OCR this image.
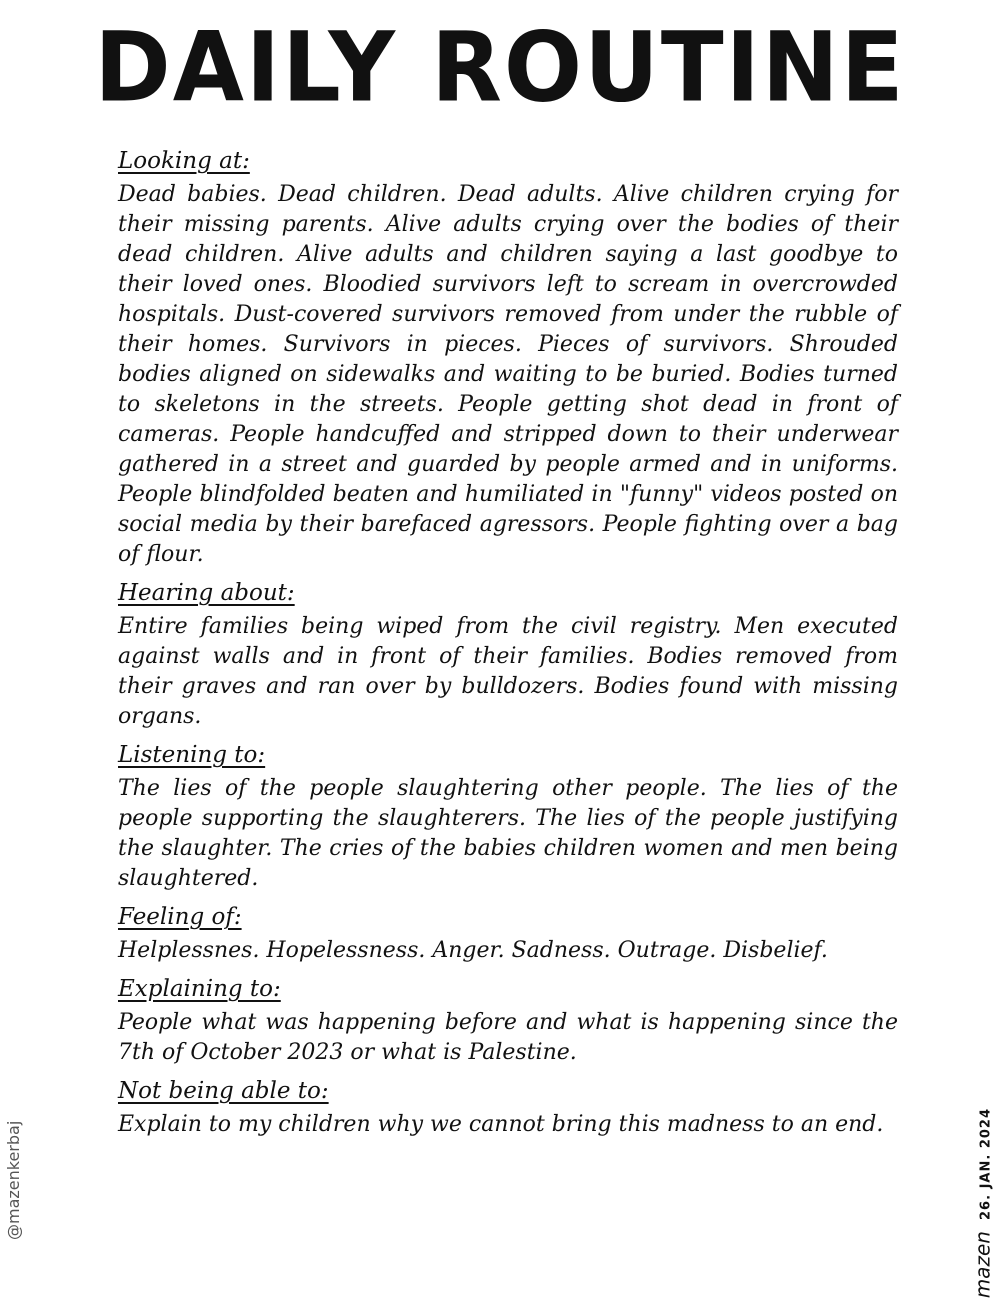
DAILY ROUTINE
Looking at:

Dead babies. Dead children. Dead adults. Alive children crying for their missing parents. Alive adults crying over the bodies of their dead children. Alive adults and children saying a last goodbye to their loved ones. Bloodied survivors left to scream in overcrowded hospitals. Dust-covered survivors removed from under the rubble of their homes. Survivors in pieces. Pieces of survivors. Shrouded bodies aligned on sidewalks and waiting to be buried. Bodies turned to skeletons in the streets. People getting shot dead in front of cameras. People handcuffed and stripped down to their underwear gathered in a street and guarded by people armed and in uniforms. People blindfolded beaten and humiliated in "funny" videos posted on social media by their barefaced agressors. People fighting over a bag of flour.

Hearing about:

Entire families being wiped from the civil registry. Men executed against walls and in front of their families. Bodies removed from their graves and ran over by bulldozers. Bodies found with missing organs.

Listening to:

The lies of the people slaughtering other people. The lies of the people supporting the slaughterers. The lies of the people justifying the slaughter. The cries of the babies children women and men being slaughtered.

Feeling of:

Helplessnes. Hopelessness. Anger. Sadness. Outrage. Disbelief.

Explaining to:

People what was happening before and what is happening since the 7th of October 2023 or what is Palestine.

Not being able to:

Explain to my children why we cannot bring this madness to an end.

mazen 26. JAN. 2024
@mazenkerbaj
